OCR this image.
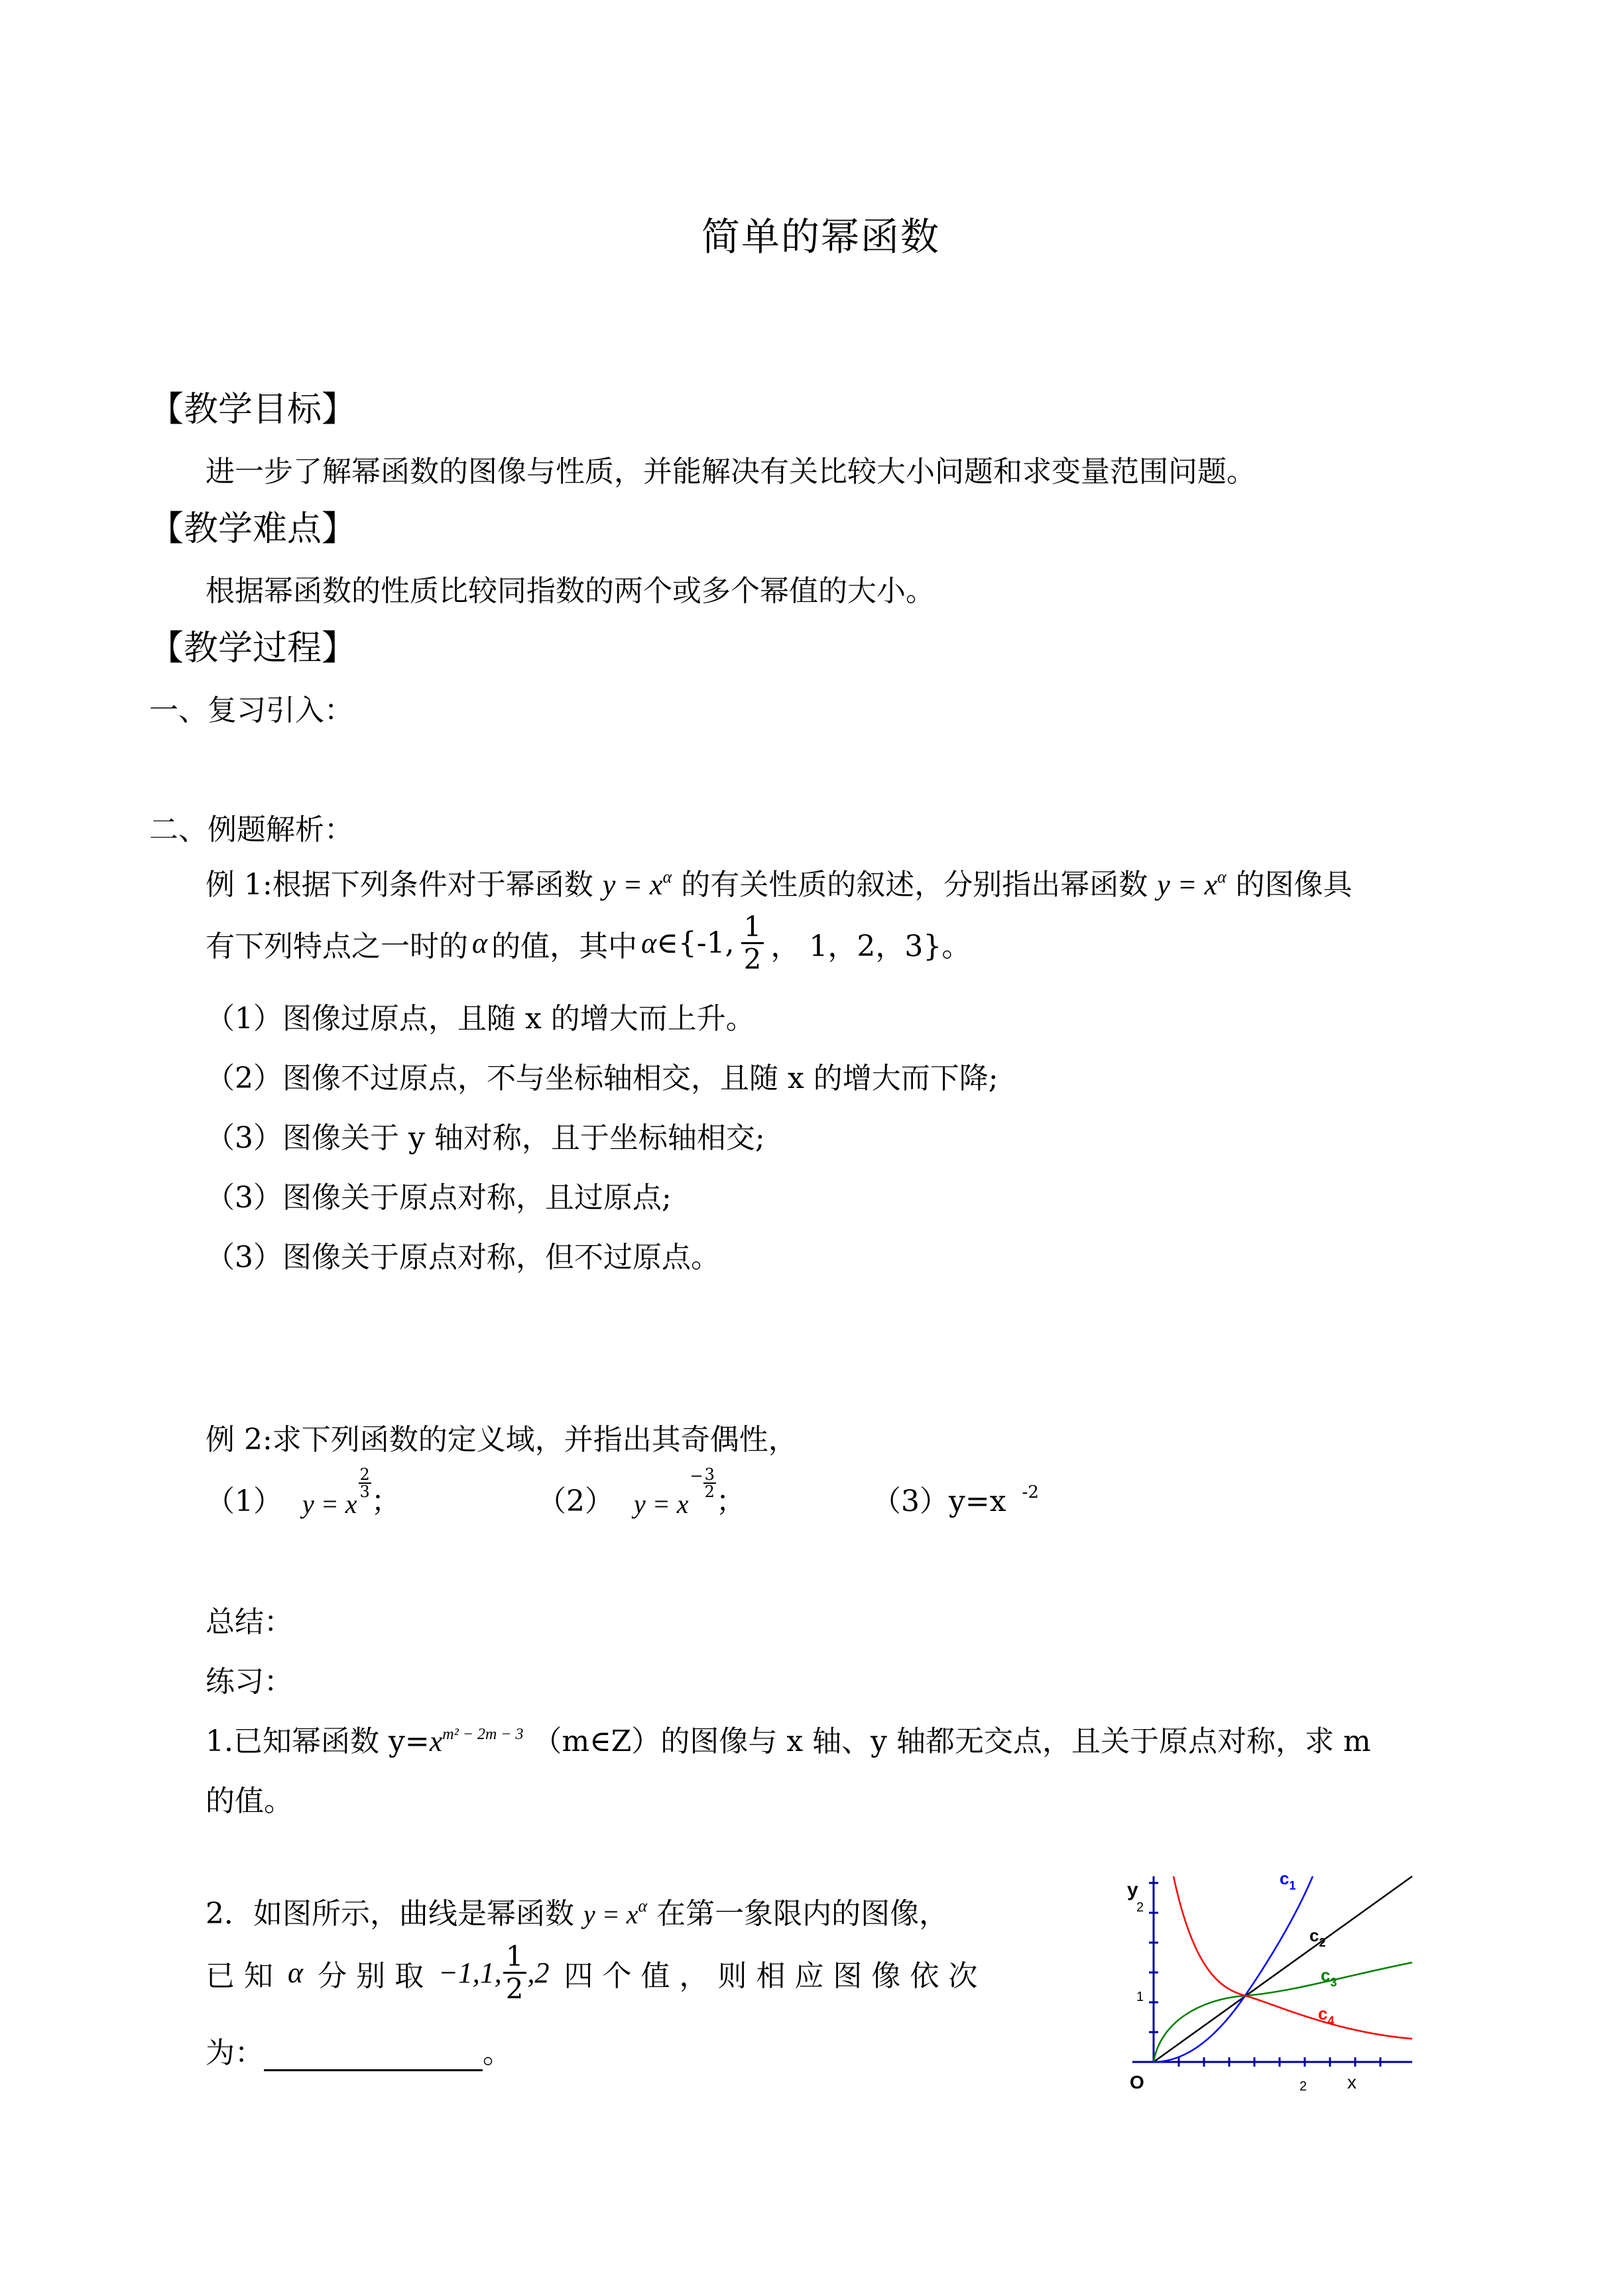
简单的幂函数
【教学目标】
进一步了解幂函数的图像与性质，并能解决有关比较大小问题和求变量范围问题。
【教学难点】
根据幂函数的性质比较同指数的两个或多个幂值的大小。
【教学过程】
一、复习引入：
二、例题解析：
例 1:根据下列条件对于幂函数 $y = x^\alpha$ 的有关性质的叙述，分别指出幂函数 $y = x^\alpha$ 的图像具
有下列特点之一时的 α 的值，其中 α ∈{-1, $\frac{1}{2}$ ， 1，2，3}。
（1）图像过原点，且随 x 的增大而上升。
（2）图像不过原点，不与坐标轴相交，且随 x 的增大而下降;
（3）图像关于 y 轴对称，且于坐标轴相交;
（3）图像关于原点对称，且过原点;
（3）图像关于原点对称，但不过原点。
例 2:求下列函数的定义域，并指出其奇偶性，
（1） y = x
2
3 ；	（2） y = x
− $\frac{3}{2}$
；	（3）y=x $^{-2}$
总结：
练习：
1.已知幂函数 $y=x^{m^2 - 2m - 3}$ （m∈Z）的图像与 x 轴、y 轴都无交点，且关于原点对称，求 m
的值。
2．如图所示，曲线是幂函数 $y = x^\alpha$ 在第一象限内的图像，
已 知 α 分 别 取 −1,1, $\frac{1}{2} ,2$ 四 个 值 ， 则 相 应 图 像 依 次
为：	。
y
2
1
O	2 x
$c_1$
$c_2$
$c_3$
$c_4$
